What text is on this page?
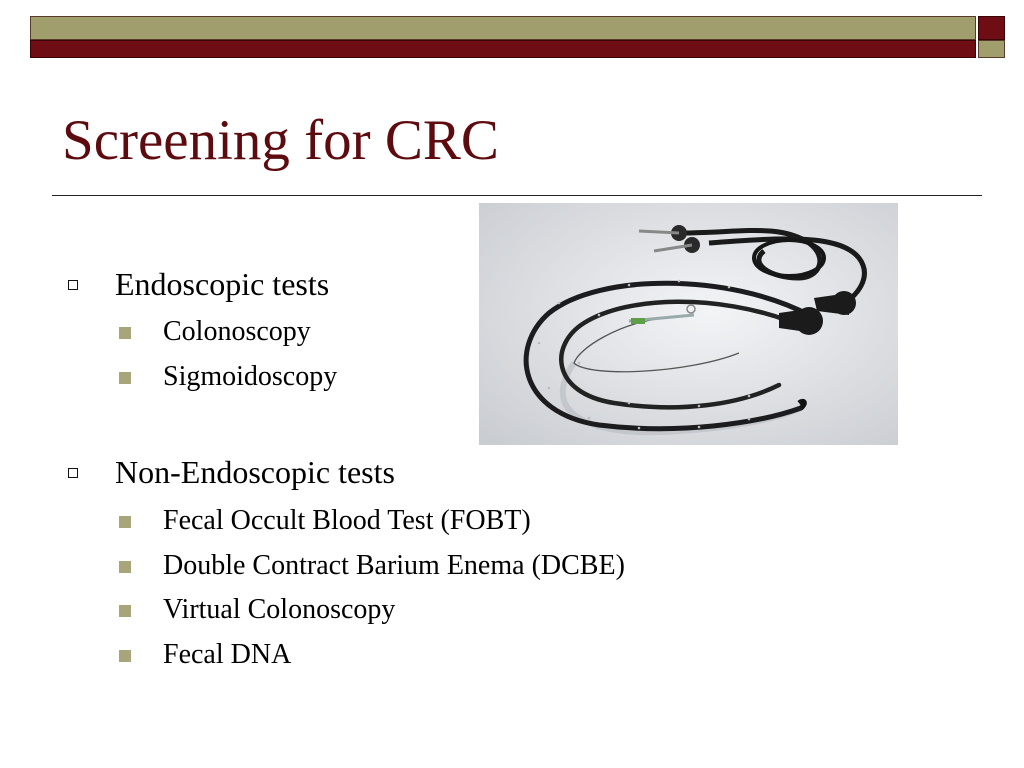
Screening for CRC
Endoscopic tests
Colonoscopy
Sigmoidoscopy
Non-Endoscopic tests
Fecal Occult Blood Test (FOBT)
Double Contract Barium Enema (DCBE)
Virtual Colonoscopy
Fecal DNA
